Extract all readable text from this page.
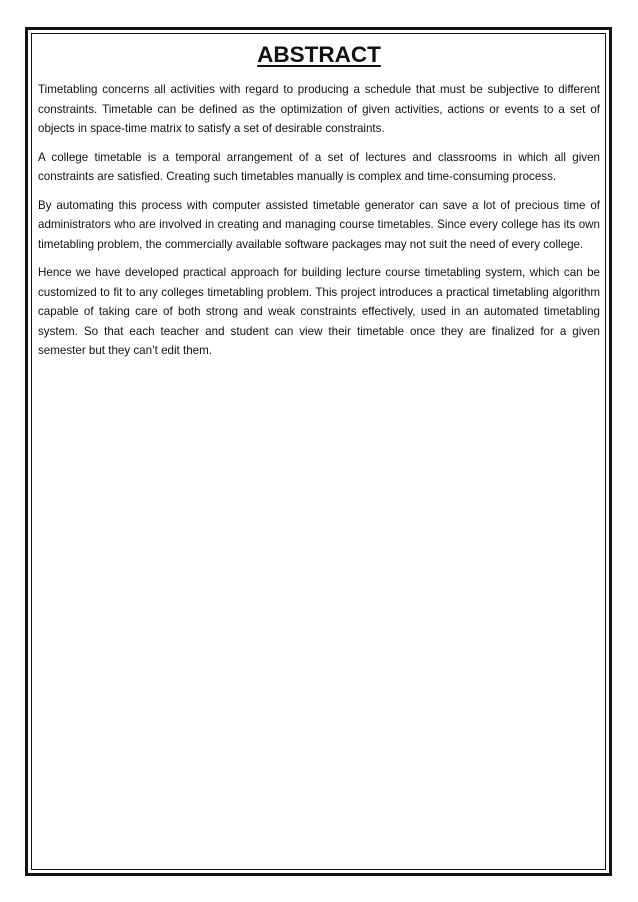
ABSTRACT

Timetabling concerns all activities with regard to producing a schedule that must be subjective to different constraints. Timetable can be defined as the optimization of given activities, actions or events to a set of objects in space-time matrix to satisfy a set of desirable constraints.

A college timetable is a temporal arrangement of a set of lectures and classrooms in which all given constraints are satisfied. Creating such timetables manually is complex and time-consuming process.

By automating this process with computer assisted timetable generator can save a lot of precious time of administrators who are involved in creating and managing course timetables. Since every college has its own timetabling problem, the commercially available software packages may not suit the need of every college.

Hence we have developed practical approach for building lecture course timetabling system, which can be customized to fit to any colleges timetabling problem. This project introduces a practical timetabling algorithm capable of taking care of both strong and weak constraints effectively, used in an automated timetabling system. So that each teacher and student can view their timetable once they are finalized for a given semester but they can’t edit them.
